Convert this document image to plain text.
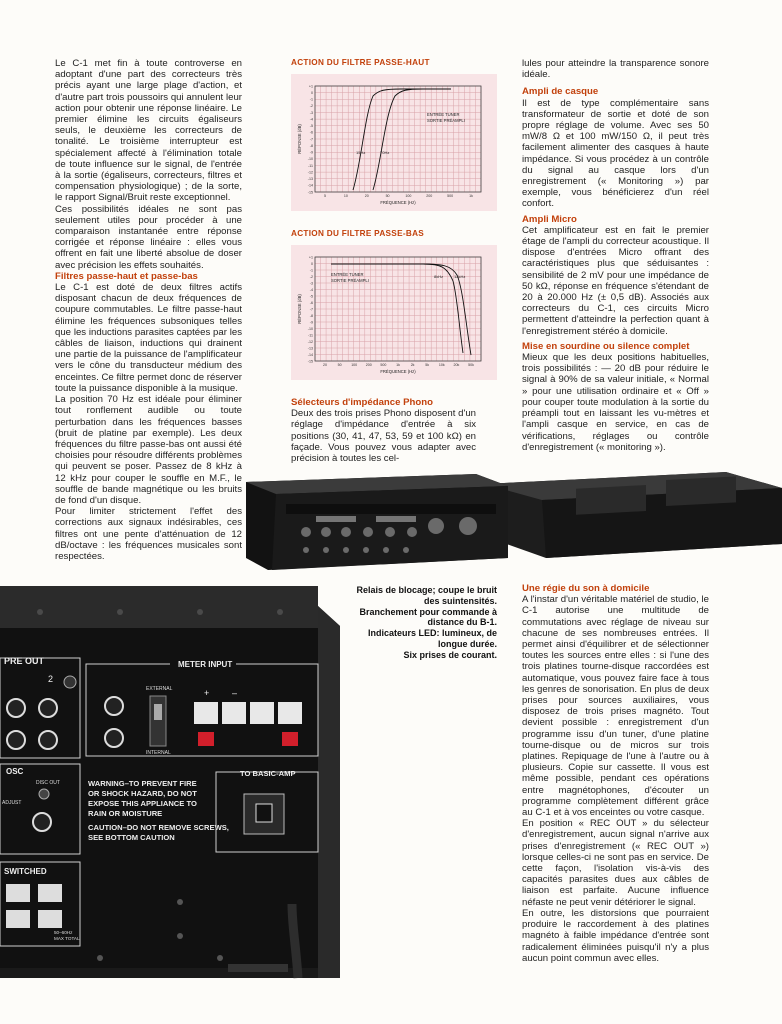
Le C-1 met fin à toute controverse en adoptant d'une part des correcteurs très précis ayant une large plage d'action, et d'autre part trois poussoirs qui annulent leur action pour obtenir une réponse linéaire. Le premier élimine les circuits égaliseurs seuls, le deuxième les correcteurs de tonalité. Le troisième interrupteur est spécialement affecté à l'élimination totale de toute influence sur le signal, de l'entrée à la sortie (égaliseurs, correcteurs, filtres et compensation physiologique) ; de la sorte, le rapport Signal/Bruit reste exceptionnel.

Ces possibilités idéales ne sont pas seulement utiles pour procéder à une comparaison instantanée entre réponse corrigée et réponse linéaire : elles vous offrent en fait une liberté absolue de doser avec précision les effets souhaités.

Filtres passe-haut et passe-bas

Le C-1 est doté de deux filtres actifs disposant chacun de deux fréquences de coupure commutables. Le filtre passe-haut élimine les fréquences subsoniques telles que les inductions parasites captées par les câbles de liaison, inductions qui drainent une partie de la puissance de l'amplificateur vers le cône du transducteur médium des enceintes. Ce filtre permet donc de réserver toute la puissance disponible à la musique.

La position 70 Hz est idéale pour éliminer tout ronflement audible ou toute perturbation dans les fréquences basses (bruit de platine par exemple). Les deux fréquences du filtre passe-bas ont aussi été choisies pour résoudre différents problèmes qui peuvent se poser. Passez de 8 kHz à 12 kHz pour couper le souffle en M.F., le souffle de bande magnétique ou les bruits de fond d'un disque.

Pour limiter strictement l'effet des corrections aux signaux indésirables, ces filtres ont une pente d'atténuation de 12 dB/octave : les fréquences musicales sont respectées.

ACTION DU FILTRE PASSE-HAUT
+1
0
-1
-2
-3
-4
-5
-6
-7
-8
-9
-10
-11
-12
-13
-14
-15
5	10	20	50	100	200	500	1k
15Hz	70Hz
ENTRÉE TUNER
SORTIE PRÉAMPLI
RÉPONSE (dB)
FRÉQUENCE (Hz)
ACTION DU FILTRE PASSE-BAS
+1
0
-1
-2
-3
-4
-5
-6
-7
-8
-9
-10
-11
-12
-13
-14
-15
20	50	100 200 500	1k	2k	5k	10k 20k 50k
8kHz	12kHz
ENTRÉE TUNER
SORTIE PRÉAMPLI
RÉPONSE (dB)
FRÉQUENCE (Hz)
Sélecteurs d'impédance Phono

Deux des trois prises Phono disposent d'un réglage d'impédance d'entrée à six positions (30, 41, 47, 53, 59 et 100 kΩ) en façade. Vous pouvez vous adapter avec précision à toutes les cel-

lules pour atteindre la transparence sonore idéale.

Ampli de casque

Il est de type complémentaire sans transformateur de sortie et doté de son propre réglage de volume. Avec ses 50 mW/8 Ω et 100 mW/150 Ω, il peut très facilement alimenter des casques à haute impédance. Si vous procédez à un contrôle du signal au casque lors d'un enregistrement (« Monitoring ») par exemple, vous bénéficierez d'un réel confort.

Ampli Micro

Cet amplificateur est en fait le premier étage de l'ampli du correcteur acoustique. Il dispose d'entrées Micro offrant des caractéristiques plus que séduisantes : sensibilité de 2 mV pour une impédance de 50 kΩ, réponse en fréquence s'étendant de 20 à 20.000 Hz (± 0,5 dB). Associés aux correcteurs du C-1, ces circuits Micro permettent d'atteindre la perfection quant à l'enregistrement stéréo à domicile.

Mise en sourdine ou silence complet

Mieux que les deux positions habituelles, trois possibilités : — 20 dB pour réduire le signal à 90% de sa valeur initiale, « Normal » pour une utilisation ordinaire et « Off » pour couper toute modulation à la sortie du préampli tout en laissant les vu-mètres et l'ampli casque en service, en cas de vérifications, réglages ou contrôle d'enregistrement (« monitoring »).

Relais de blocage; coupe le bruit des suintensités.
Branchement pour commande à distance du B-1.
Indicateurs LED: lumineux, de longue durée.
Six prises de courant.
Une régie du son à domicile

A l'instar d'un véritable matériel de studio, le C-1 autorise une multitude de commutations avec réglage de niveau sur chacune de ses nombreuses entrées. Il permet ainsi d'équilibrer et de sélectionner toutes les sources entre elles : si l'une des trois platines tourne-disque raccordées est automatique, vous pouvez faire face à tous les genres de sonorisation. En plus de deux prises pour sources auxiliaires, vous disposez de trois prises magnéto. Tout devient possible : enregistrement d'un programme issu d'un tuner, d'une platine tourne-disque ou de micros sur trois platines. Repiquage de l'une à l'autre ou à plusieurs. Copie sur cassette. Il vous est même possible, pendant ces opérations entre magnétophones, d'écouter un programme complètement différent grâce au C-1 et à vos enceintes ou votre casque.

En position « REC OUT » du sélecteur d'enregistrement, aucun signal n'arrive aux prises d'enregistrement (« REC OUT ») lorsque celles-ci ne sont pas en service. De cette façon, l'isolation vis-à-vis des capacités parasites dues aux câbles de liaison est parfaite. Aucune influence néfaste ne peut venir détériorer le signal.

En outre, les distorsions que pourraient produire le raccordement à des platines magnéto à faible impédance d'entrée sont radicalement éliminées puisqu'il n'y a plus aucun point commun avec elles.

PRE OUT
2
METER INPUT
EXTERNAL
INTERNAL
+	–
OSC
DISC OUT
ADJUST
WARNING–TO PREVENT FIRE
OR SHOCK HAZARD, DO NOT
EXPOSE THIS APPLIANCE TO
RAIN OR MOISTURE
CAUTION–DO NOT REMOVE SCREWS,
SEE BOTTOM CAUTION
TO BASIC-AMP
SWITCHED
50–60Hz
MAX TOTAL
